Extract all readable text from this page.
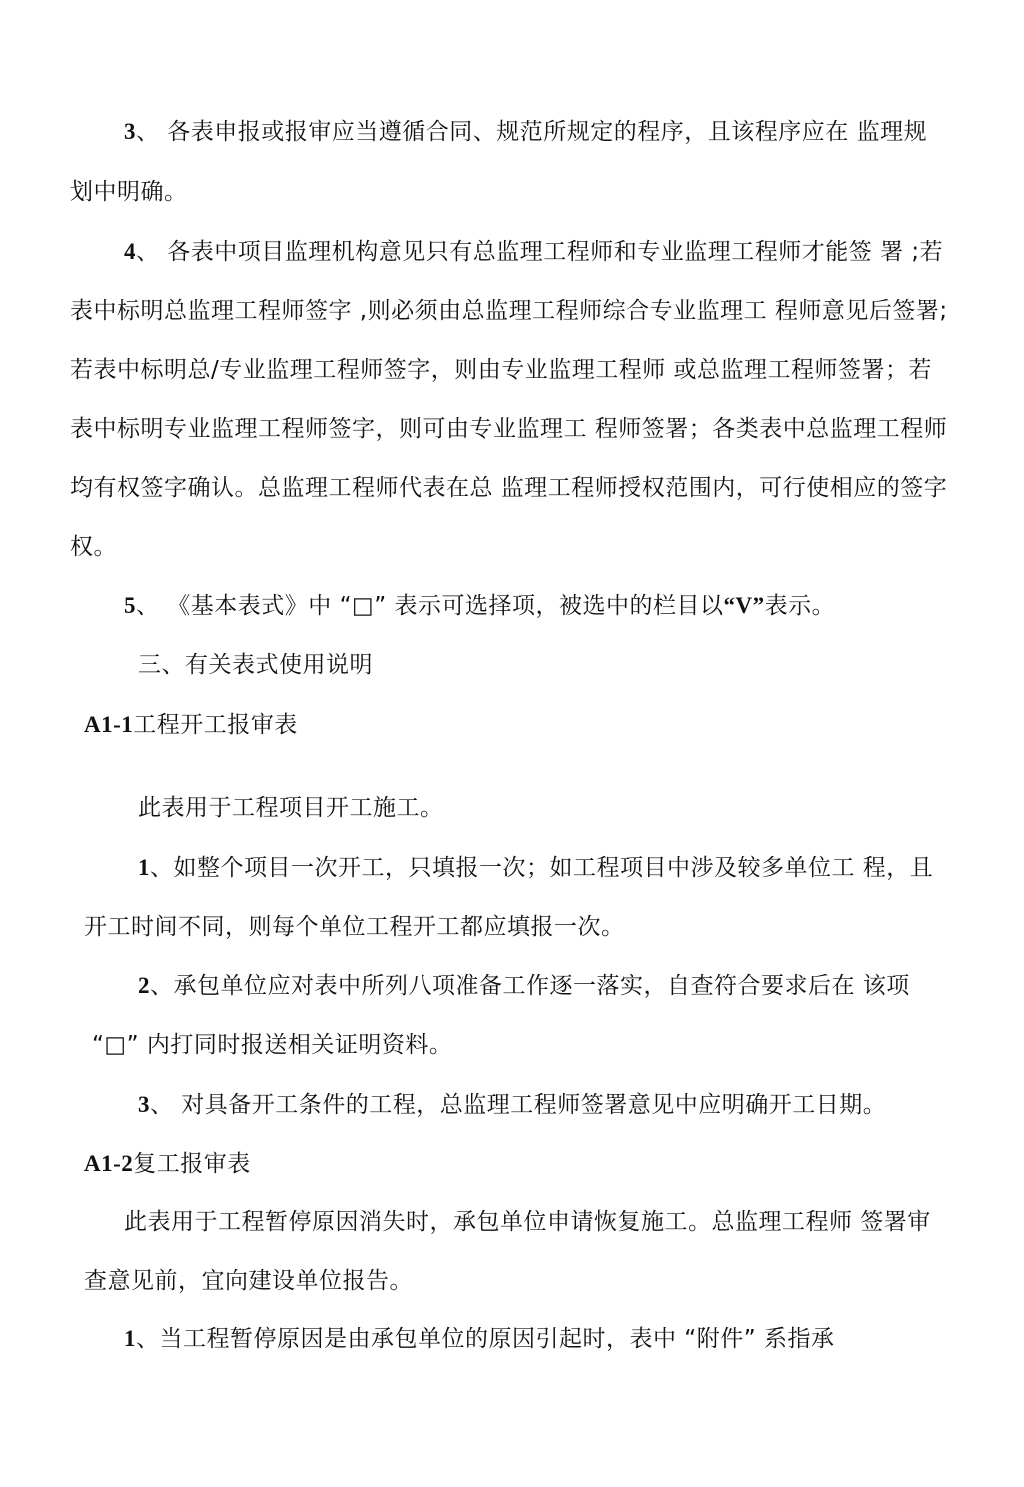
3、 各表申报或报审应当遵循合同、规范所规定的程序，且该程序应在 监理规
划中明确。
4、 各表中项目监理机构意见只有总监理工程师和专业监理工程师才能签 署 ;若
表中标明总监理工程师签字 ,则必须由总监理工程师综合专业监理工 程师意见后签署;
若表中标明总/专业监理工程师签字，则由专业监理工程师 或总监理工程师签署；若
表中标明专业监理工程师签字，则可由专业监理工 程师签署；各类表中总监理工程师
均有权签字确认。总监理工程师代表在总 监理工程师授权范围内，可行使相应的签字
权。
5、 《基本表式》中 “□” 表示可选择项，被选中的栏目以“V”表示。
三、有关表式使用说明
A1-1工程开工报审表
此表用于工程项目开工施工。
1、如整个项目一次开工，只填报一次；如工程项目中涉及较多单位工 程，且
开工时间不同，则每个单位工程开工都应填报一次。
2、承包单位应对表中所列八项准备工作逐一落实，自查符合要求后在 该项
“□” 内打同时报送相关证明资料。
3、 对具备开工条件的工程，总监理工程师签署意见中应明确开工日期。
A1-2复工报审表
此表用于工程暂停原因消失时，承包单位申请恢复施工。总监理工程师 签署审
查意见前，宜向建设单位报告。
1、当工程暂停原因是由承包单位的原因引起时，表中 “附件” 系指承
